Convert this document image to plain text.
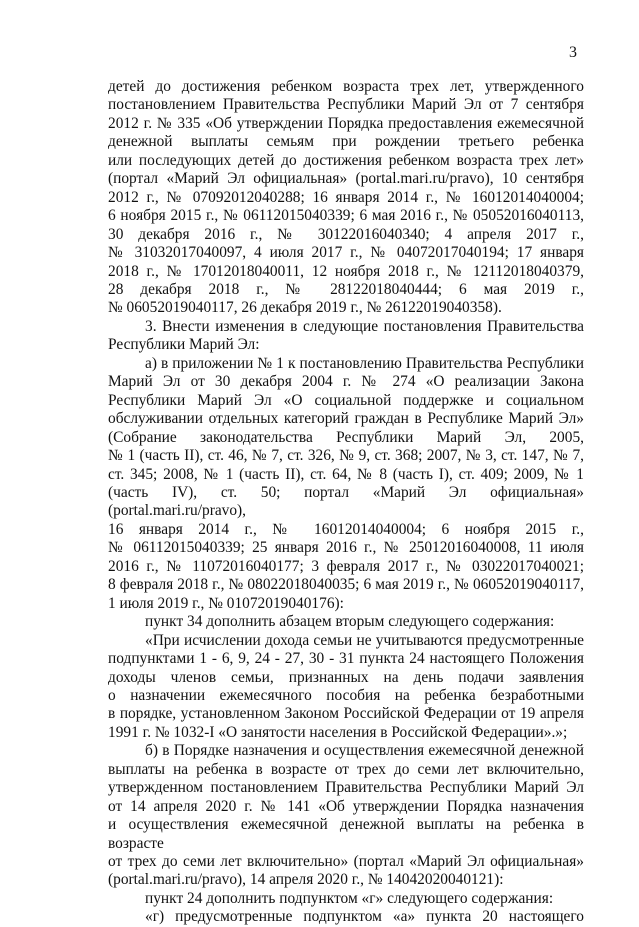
3

детей до достижения ребенком возраста трех лет, утвержденного

постановлением Правительства Республики Марий Эл от 7 сентября

2012 г. № 335 «Об утверждении Порядка предоставления ежемесячной

денежной выплаты семьям при рождении третьего ребенка

или последующих детей до достижения ребенком возраста трех лет»

(портал «Марий Эл официальная» (portal.mari.ru/pravo), 10 сентября

2012 г., № 07092012040288; 16 января 2014 г., № 16012014040004;

6 ноября 2015 г., № 06112015040339; 6 мая 2016 г., № 05052016040113,

30 декабря 2016 г., № 30122016040340; 4 апреля 2017 г.,

№ 31032017040097, 4 июля 2017 г., № 04072017040194; 17 января

2018 г., № 17012018040011, 12 ноября 2018 г., № 12112018040379,

28 декабря 2018 г., № 28122018040444; 6 мая 2019 г.,

№ 06052019040117, 26 декабря 2019 г., № 26122019040358).

3. Внести изменения в следующие постановления Правительства

Республики Марий Эл:

а) в приложении № 1 к постановлению Правительства Республики

Марий Эл от 30 декабря 2004 г. № 274 «О реализации Закона

Республики Марий Эл «О социальной поддержке и социальном

обслуживании отдельных категорий граждан в Республике Марий Эл»

(Собрание законодательства Республики Марий Эл, 2005,

№ 1 (часть II), ст. 46, № 7, ст. 326, № 9, ст. 368; 2007, № 3, ст. 147, № 7,

ст. 345; 2008, № 1 (часть II), ст. 64, № 8 (часть I), ст. 409; 2009, № 1

(часть IV), ст. 50; портал «Марий Эл официальная» (portal.mari.ru/pravo),

16 января 2014 г., № 16012014040004; 6 ноября 2015 г.,

№ 06112015040339; 25 января 2016 г., № 25012016040008, 11 июля

2016 г., № 11072016040177; 3 февраля 2017 г., № 03022017040021;

8 февраля 2018 г., № 08022018040035; 6 мая 2019 г., № 06052019040117,

1 июля 2019 г., № 01072019040176):

пункт 34 дополнить абзацем вторым следующего содержания:

«При исчислении дохода семьи не учитываются предусмотренные

подпунктами 1 - 6, 9, 24 - 27, 30 - 31 пункта 24 настоящего Положения

доходы членов семьи, признанных на день подачи заявления

о назначении ежемесячного пособия на ребенка безработными

в порядке, установленном Законом Российской Федерации от 19 апреля

1991 г. № 1032-I «О занятости населения в Российской Федерации».»;

б) в Порядке назначения и осуществления ежемесячной денежной

выплаты на ребенка в возрасте от трех до семи лет включительно,

утвержденном постановлением Правительства Республики Марий Эл

от 14 апреля 2020 г. № 141 «Об утверждении Порядка назначения

и осуществления ежемесячной денежной выплаты на ребенка в возрасте

от трех до семи лет включительно» (портал «Марий Эл официальная»

(portal.mari.ru/pravo), 14 апреля 2020 г., № 14042020040121):

пункт 24 дополнить подпунктом «г» следующего содержания:

«г) предусмотренные подпунктом «а» пункта 20 настоящего
